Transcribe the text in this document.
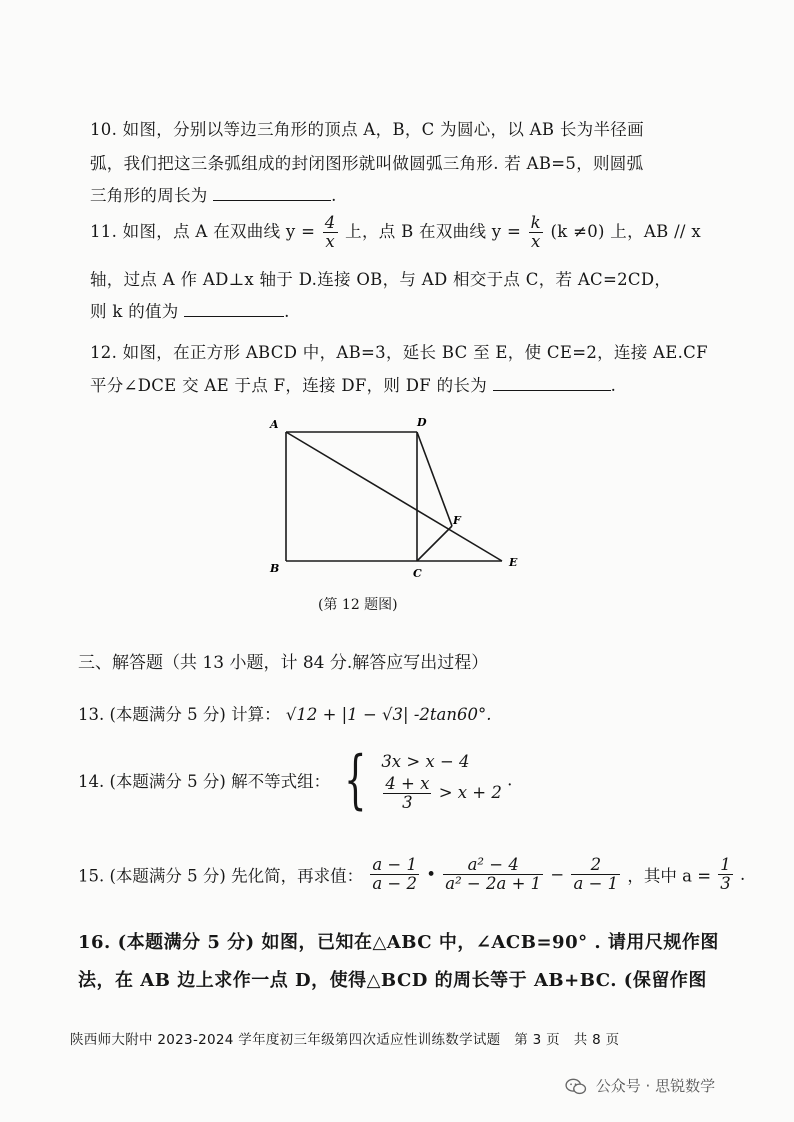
10. 如图，分别以等边三角形的顶点 A，B，C 为圆心，以 AB 长为半径画
弧，我们把这三条弧组成的封闭图形就叫做圆弧三角形. 若 AB=5，则圆弧
三角形的周长为	.
11. 如图，点 A 在双曲线 $y = \frac{4}{x}$ 上，点 B 在双曲线 $y = \frac{k}{x} (k \ne 0)$ 上，AB // x
轴，过点 A 作 AD⊥x 轴于 D.连接 OB，与 AD 相交于点 C，若 AC=2CD，
则 k 的值为	.
12. 如图，在正方形 ABCD 中，AB=3，延长 BC 至 E，使 CE=2，连接 AE.CF
平分∠DCE 交 AE 于点 F，连接 DF，则 DF 的长为	.
A	D
B	C
E
F
(第 12 题图)
三、解答题（共 13 小题，计 84 分.解答应写出过程）
13. (本题满分 5 分) 计算： √12 + |1 − √3| -2tan60°.
14. (本题满分 5 分) 解不等式组： { 3x > x − 4
$\frac{4 + x}{3} > x + 2$
.
15. (本题满分 5 分) 先化简，再求值： $\frac{a - 1}{a - 2}$ • $\frac{\text{a² − 4}}{\text{a² − 2a + 1}} - \frac{2}{a - 1}$ ，其中 $a = \frac{1}{3}$ .
16. (本题满分 5 分) 如图，已知在△ABC 中，∠ACB=90° . 请用尺规作图
法，在 AB 边上求作一点 D，使得△BCD 的周长等于 AB+BC. (保留作图
陕西师大附中 2023-2024 学年度初三年级第四次适应性训练数学试题　第 3 页　共 8 页
公众号 · 思锐数学
